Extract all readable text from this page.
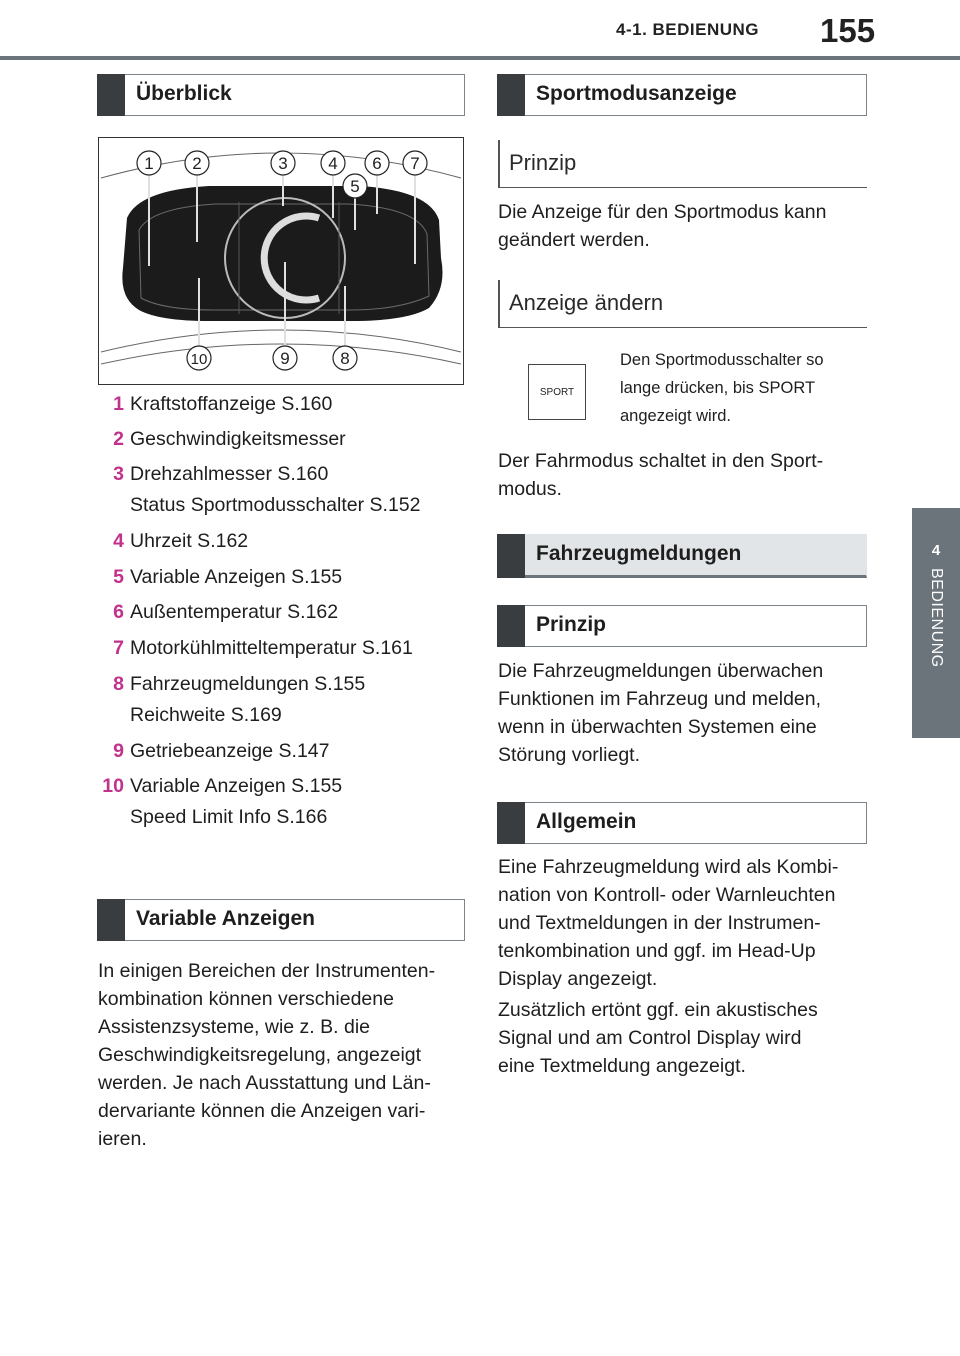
4-1. BEDIENUNG 155
4
BEDIENUNG
Überblick
1 2	3 4 6 7
5
10	9	8
1 Kraftstoffanzeige S.160
2 Geschwindigkeitsmesser
3 Drehzahlmesser S.160
Status Sportmodusschalter S.152
4 Uhrzeit S.162
5 Variable Anzeigen S.155
6 Außentemperatur S.162
7 Motorkühlmitteltemperatur S.161
8 Fahrzeugmeldungen S.155
Reichweite S.169
9 Getriebeanzeige S.147
10 Variable Anzeigen S.155
Speed Limit Info S.166
Variable Anzeigen
In einigen Bereichen der Instrumenten-
kombination können verschiedene
Assistenzsysteme, wie z. B. die
Geschwindigkeitsregelung, angezeigt
werden. Je nach Ausstattung und Län-
dervariante können die Anzeigen vari-
ieren.
Sportmodusanzeige
Prinzip
Die Anzeige für den Sportmodus kann
geändert werden.
Anzeige ändern
SPORT
Den Sportmodusschalter so
lange drücken, bis SPORT
angezeigt wird.
Der Fahrmodus schaltet in den Sport-
modus.
Fahrzeugmeldungen
Prinzip
Die Fahrzeugmeldungen überwachen
Funktionen im Fahrzeug und melden,
wenn in überwachten Systemen eine
Störung vorliegt.
Allgemein
Eine Fahrzeugmeldung wird als Kombi-
nation von Kontroll- oder Warnleuchten
und Textmeldungen in der Instrumen-
tenkombination und ggf. im Head-Up
Display angezeigt.
Zusätzlich ertönt ggf. ein akustisches
Signal und am Control Display wird
eine Textmeldung angezeigt.
